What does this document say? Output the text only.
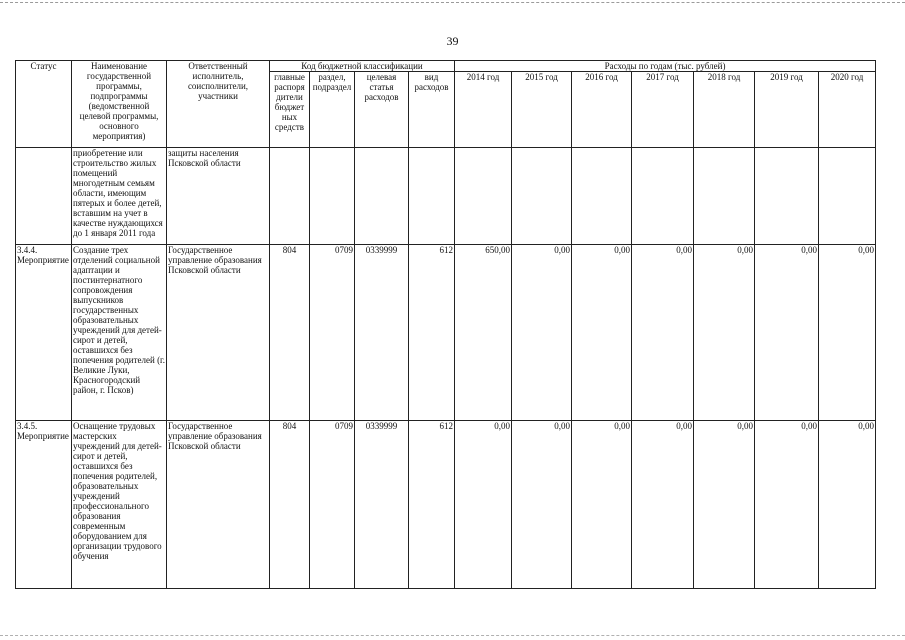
39
Статус	Наименование государственной программы, подпрограммы (ведомственной целевой программы, основного мероприятия)	Ответственный исполнитель, соисполнители, участники	Код бюджетной классификации				Расходы по годам (тыс. рублей)						
			главные распоря дители бюджет ных средств	раздел, подраздел	целевая статья расходов	вид расходов	2014 год	2015 год	2016 год	2017 год	2018 год	2019 год	2020 год
	приобретение или строительство жилых помещений многодетным семьям области, имеющим пятерых и более детей, вставшим на учет в качестве нуждающихся до 1 января 2011 года	защиты населения Псковской области											
3.4.4. Мероприятие	Создание трех отделений социальной адаптации и постинтернатного сопровождения выпускников государственных образовательных учреждений для детей-сирот и детей, оставшихся без попечения родителей (г. Великие Луки, Красногородский район, г. Псков)	Государственное управление образования Псковской области	804	0709	0339999	612	650,00	0,00	0,00	0,00	0,00	0,00	0,00
3.4.5. Мероприятие	Оснащение трудовых мастерских учреждений для детей-сирот и детей, оставшихся без попечения родителей, образовательных учреждений профессионального образования современным оборудованием для организации трудового обучения	Государственное управление образования Псковской области	804	0709	0339999	612	0,00	0,00	0,00	0,00	0,00	0,00	0,00
